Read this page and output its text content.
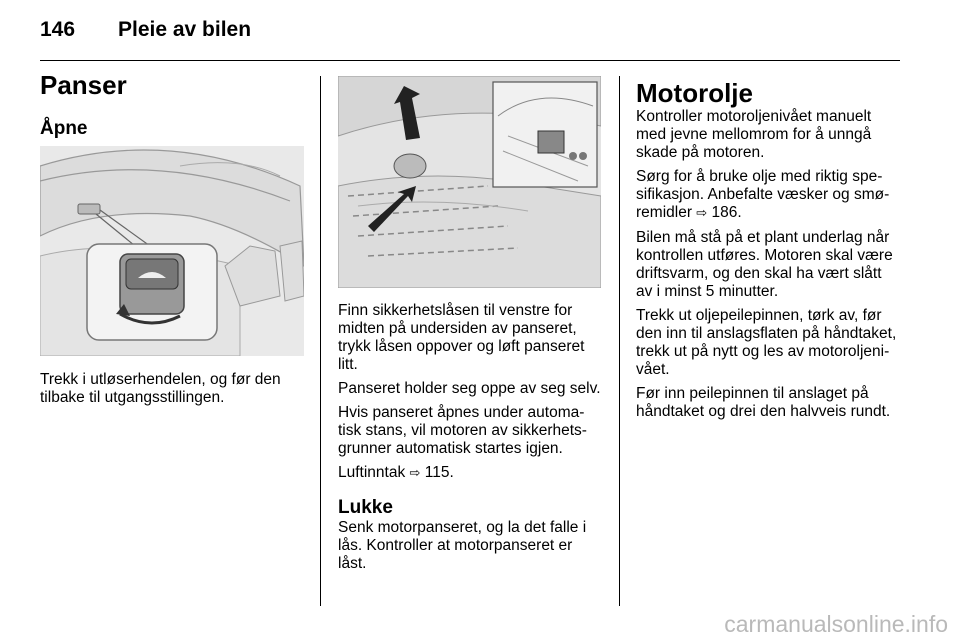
146 Pleie av bilen
Panser
Åpne

Trekk i utløserhendelen, og før den tilbake til utgangsstillingen.

Finn sikkerhetslåsen til venstre for midten på undersiden av panseret, trykk låsen oppover og løft panseret litt.

Panseret holder seg oppe av seg selv.

Hvis panseret åpnes under automa‐tisk stans, vil motoren av sikkerhets‐grunner automatisk startes igjen.

Luftinntak ⇨ 115.

Lukke

Senk motorpanseret, og la det falle i lås. Kontroller at motorpanseret er låst.

Motorolje

Kontroller motoroljenivået manuelt med jevne mellomrom for å unngå skade på motoren.

Sørg for å bruke olje med riktig spe‐sifikasjon. Anbefalte væsker og smø‐remidler ⇨ 186.

Bilen må stå på et plant underlag når kontrollen utføres. Motoren skal være driftsvarm, og den skal ha vært slått av i minst 5 minutter.

Trekk ut oljepeilepinnen, tørk av, før den inn til anslagsflaten på håndtaket, trekk ut på nytt og les av motoroljeni‐vået.

Før inn peilepinnen til anslaget på håndtaket og drei den halvveis rundt.

carmanualsonline.info
